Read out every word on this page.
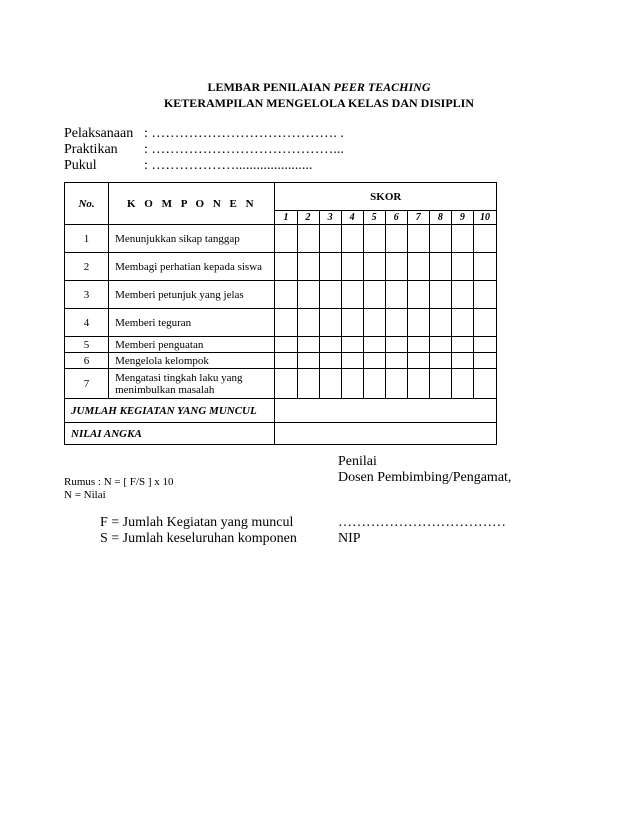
LEMBAR PENILAIAN PEER TEACHING
KETERAMPILAN MENGELOLA KELAS DAN DISIPLIN
Pelaksanaan : …………………………………. .
Praktikan : …………………………………...
Pukul	: ………………......................
No.	K O M P O N E N	SKOR									
		1	2	3	4	5	6	7	8	9	10
1	Menunjukkan sikap tanggap										
2	Membagi perhatian kepada siswa										
3	Memberi petunjuk yang jelas										
4	Memberi teguran										
5	Memberi penguatan										
6	Mengelola kelompok										
7	Mengatasi tingkah laku yang menimbulkan masalah										
JUMLAH KEGIATAN YANG MUNCUL											
NILAI ANGKA											
Rumus : N = [ F/S ] x 10
N = Nilai
F = Jumlah Kegiatan yang muncul
S = Jumlah keseluruhan komponen
Penilai
Dosen Pembimbing/Pengamat,
………………………………
NIP
